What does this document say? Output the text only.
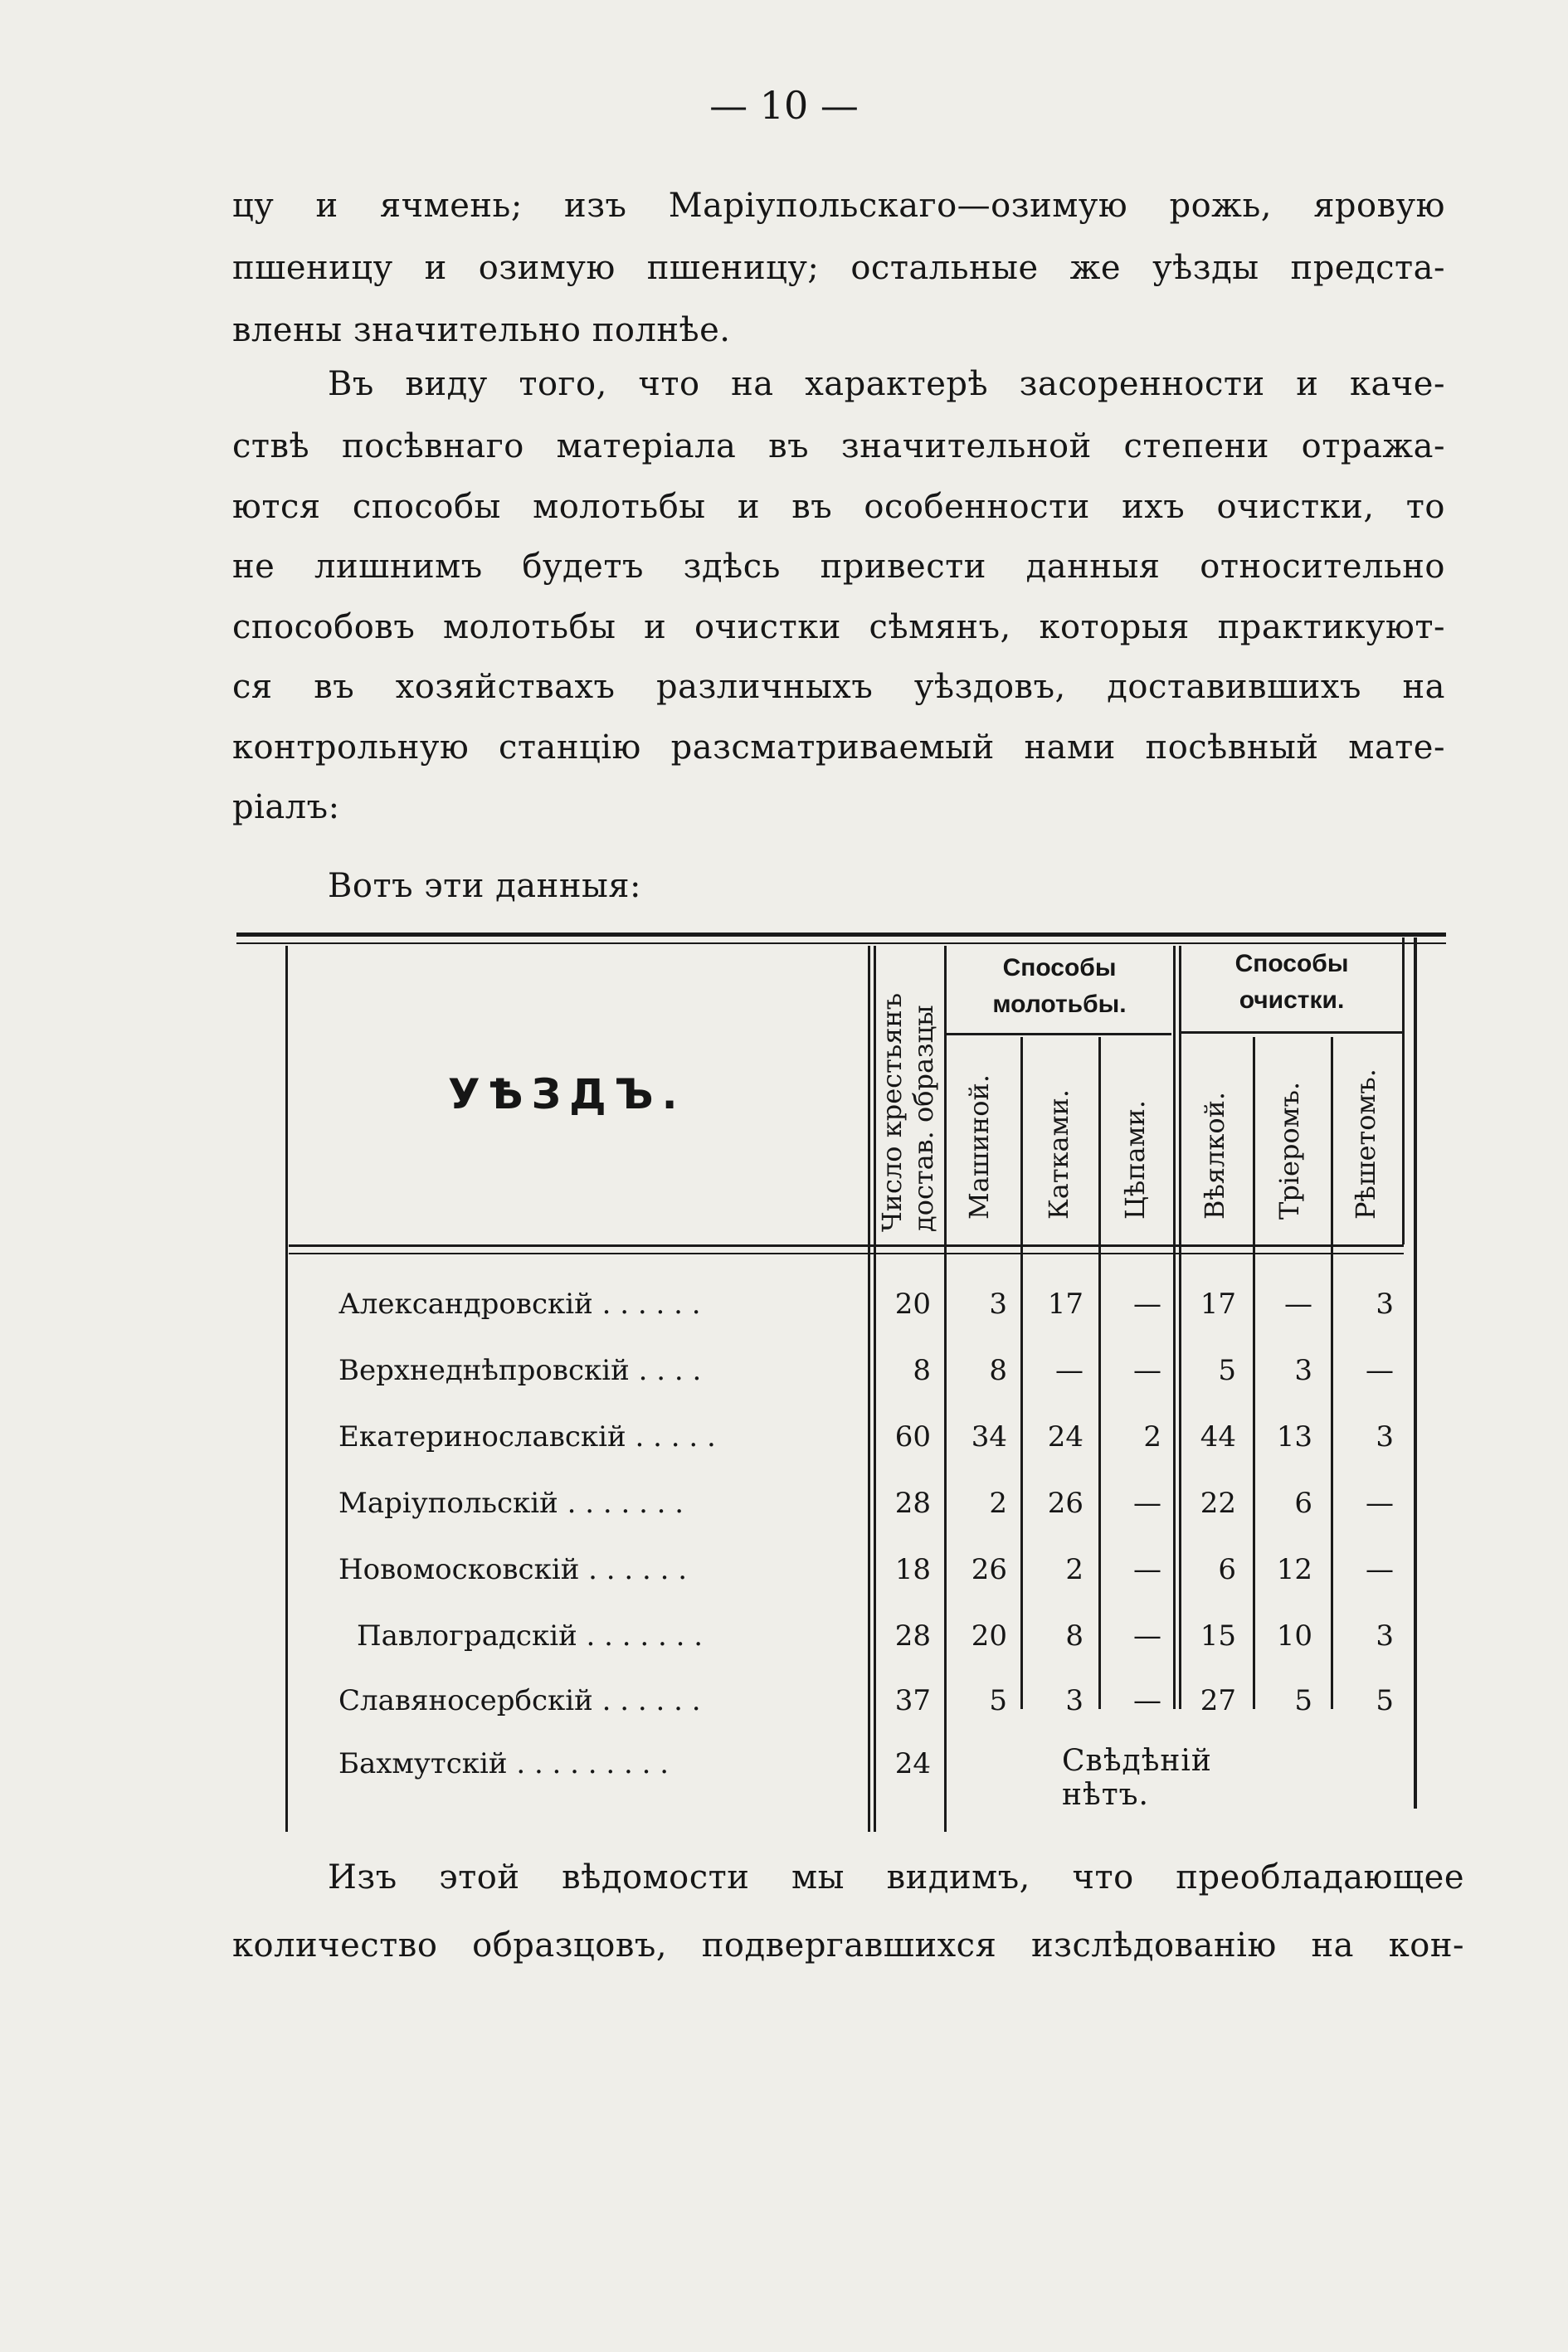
— 10 —
цу и ячмень; изъ Маріупольскаго—озимую рожь, яровую
пшеницу и озимую пшеницу; остальные же уѣзды предста-
влены значительно полнѣе.
Въ виду того, что на характерѣ засоренности и каче-
ствѣ посѣвнаго матеріала въ значительной степени отража-
ются способы молотьбы и въ особенности ихъ очистки, то
не лишнимъ будетъ здѣсь привести данныя относительно
способовъ молотьбы и очистки сѣмянъ, которыя практикуют-
ся въ хозяйствахъ различныхъ уѣздовъ, доставившихъ на
контрольную станцію разсматриваемый нами посѣвный мате-
ріалъ:
Вотъ эти данныя:
УѢЗДЪ.	Число крестьянъ достав. образцы
Способы
молотьбы.
Способы
очистки.
Машиной. Катками. Цѣпами. Вѣялкой. Тріеромъ. Рѣшетомъ.
Александровскій . . . . . .	20	3	17	—	17	—	3
Верхнеднѣпровскій . . . .	8	8	—	—	5	3	—
Екатеринославскій . . . . .	60	34	24	2	44	13	3
Маріупольскій . . . . . . .	28	2	26	—	22	6	—
Новомосковскій . . . . . .	18	26	2	—	6	12	—
Павлоградскій . . . . . . .	28	20	8	—	15	10	3
Славяносербскій . . . . . .	37	5	3	—	27	5	5
Бахмутскій . . . . . . . . .	24	Свѣдѣній нѣтъ.
Изъ этой вѣдомости мы видимъ, что преобладающее
количество образцовъ, подвергавшихся изслѣдованію на кон-
